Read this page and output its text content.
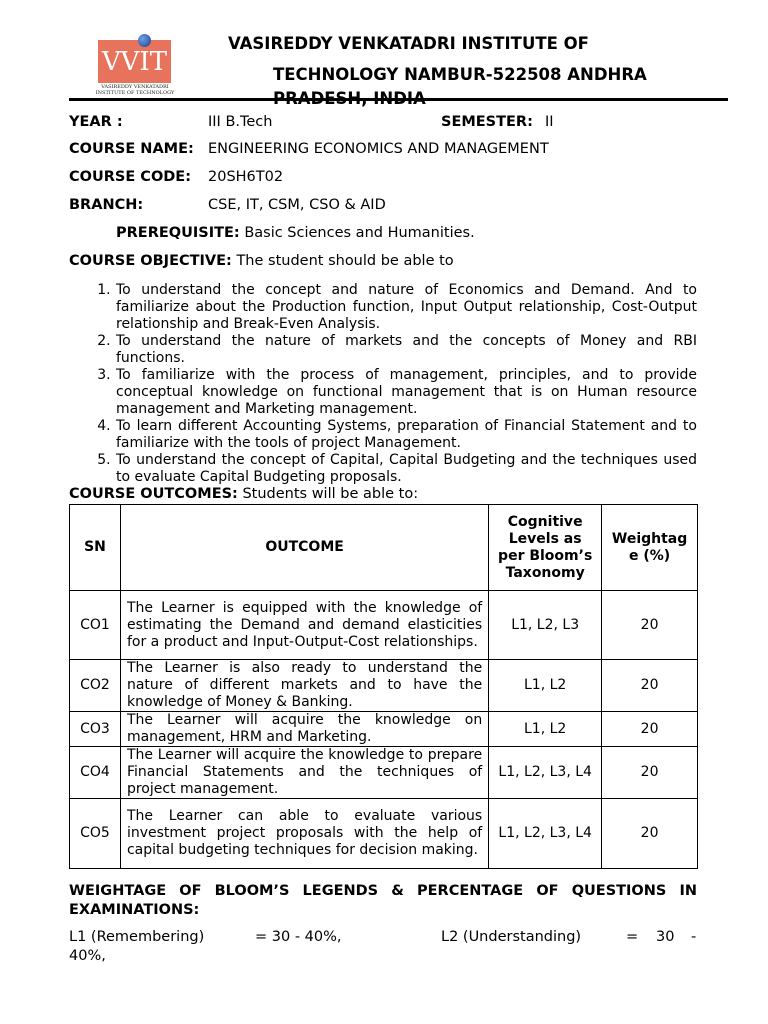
VVIT
VASIREDDY VENKATADRI INSTITUTE OF TECHNOLOGY
VASIREDDY VENKATADRI INSTITUTE OF
TECHNOLOGY NAMBUR-522508 ANDHRA
PRADESH, INDIA
YEAR :	III B.Tech	SEMESTER: II
COURSE NAME: ENGINEERING ECONOMICS AND MANAGEMENT
COURSE CODE: 20SH6T02
BRANCH:	CSE, IT, CSM, CSO & AID
PREREQUISITE: Basic Sciences and Humanities.
COURSE OBJECTIVE: The student should be able to
1. To understand the concept and nature of Economics and Demand. And to familiarize about the Production function, Input Output relationship, Cost-Output relationship and Break-Even Analysis.
2. To understand the nature of markets and the concepts of Money and RBI functions.
3. To familiarize with the process of management, principles, and to provide conceptual knowledge on functional management that is on Human resource management and Marketing management.
4. To learn different Accounting Systems, preparation of Financial Statement and to familiarize with the tools of project Management.
5. To understand the concept of Capital, Capital Budgeting and the techniques used to evaluate Capital Budgeting proposals.
COURSE OUTCOMES: Students will be able to:
SN	OUTCOME	Cognitive Levels as per Bloom’s Taxonomy	Weightage (%)
CO1	The Learner is equipped with the knowledge of estimating the Demand and demand elasticities for a product and Input-Output-Cost relationships.	L1, L2, L3	20
CO2	The Learner is also ready to understand the nature of different markets and to have the knowledge of Money & Banking.	L1, L2	20
CO3	The Learner will acquire the knowledge on management, HRM and Marketing.	L1, L2	20
CO4	The Learner will acquire the knowledge to prepare Financial Statements and the techniques of project management.	L1, L2, L3, L4	20
CO5	The Learner can able to evaluate various investment project proposals with the help of capital budgeting techniques for decision making.	L1, L2, L3, L4	20
WEIGHTAGE OF BLOOM’S LEGENDS & PERCENTAGE OF QUESTIONS IN EXAMINATIONS:
L1 (Remembering)	= 30 - 40%,	L2 (Understanding)	= 30 -
40%,
